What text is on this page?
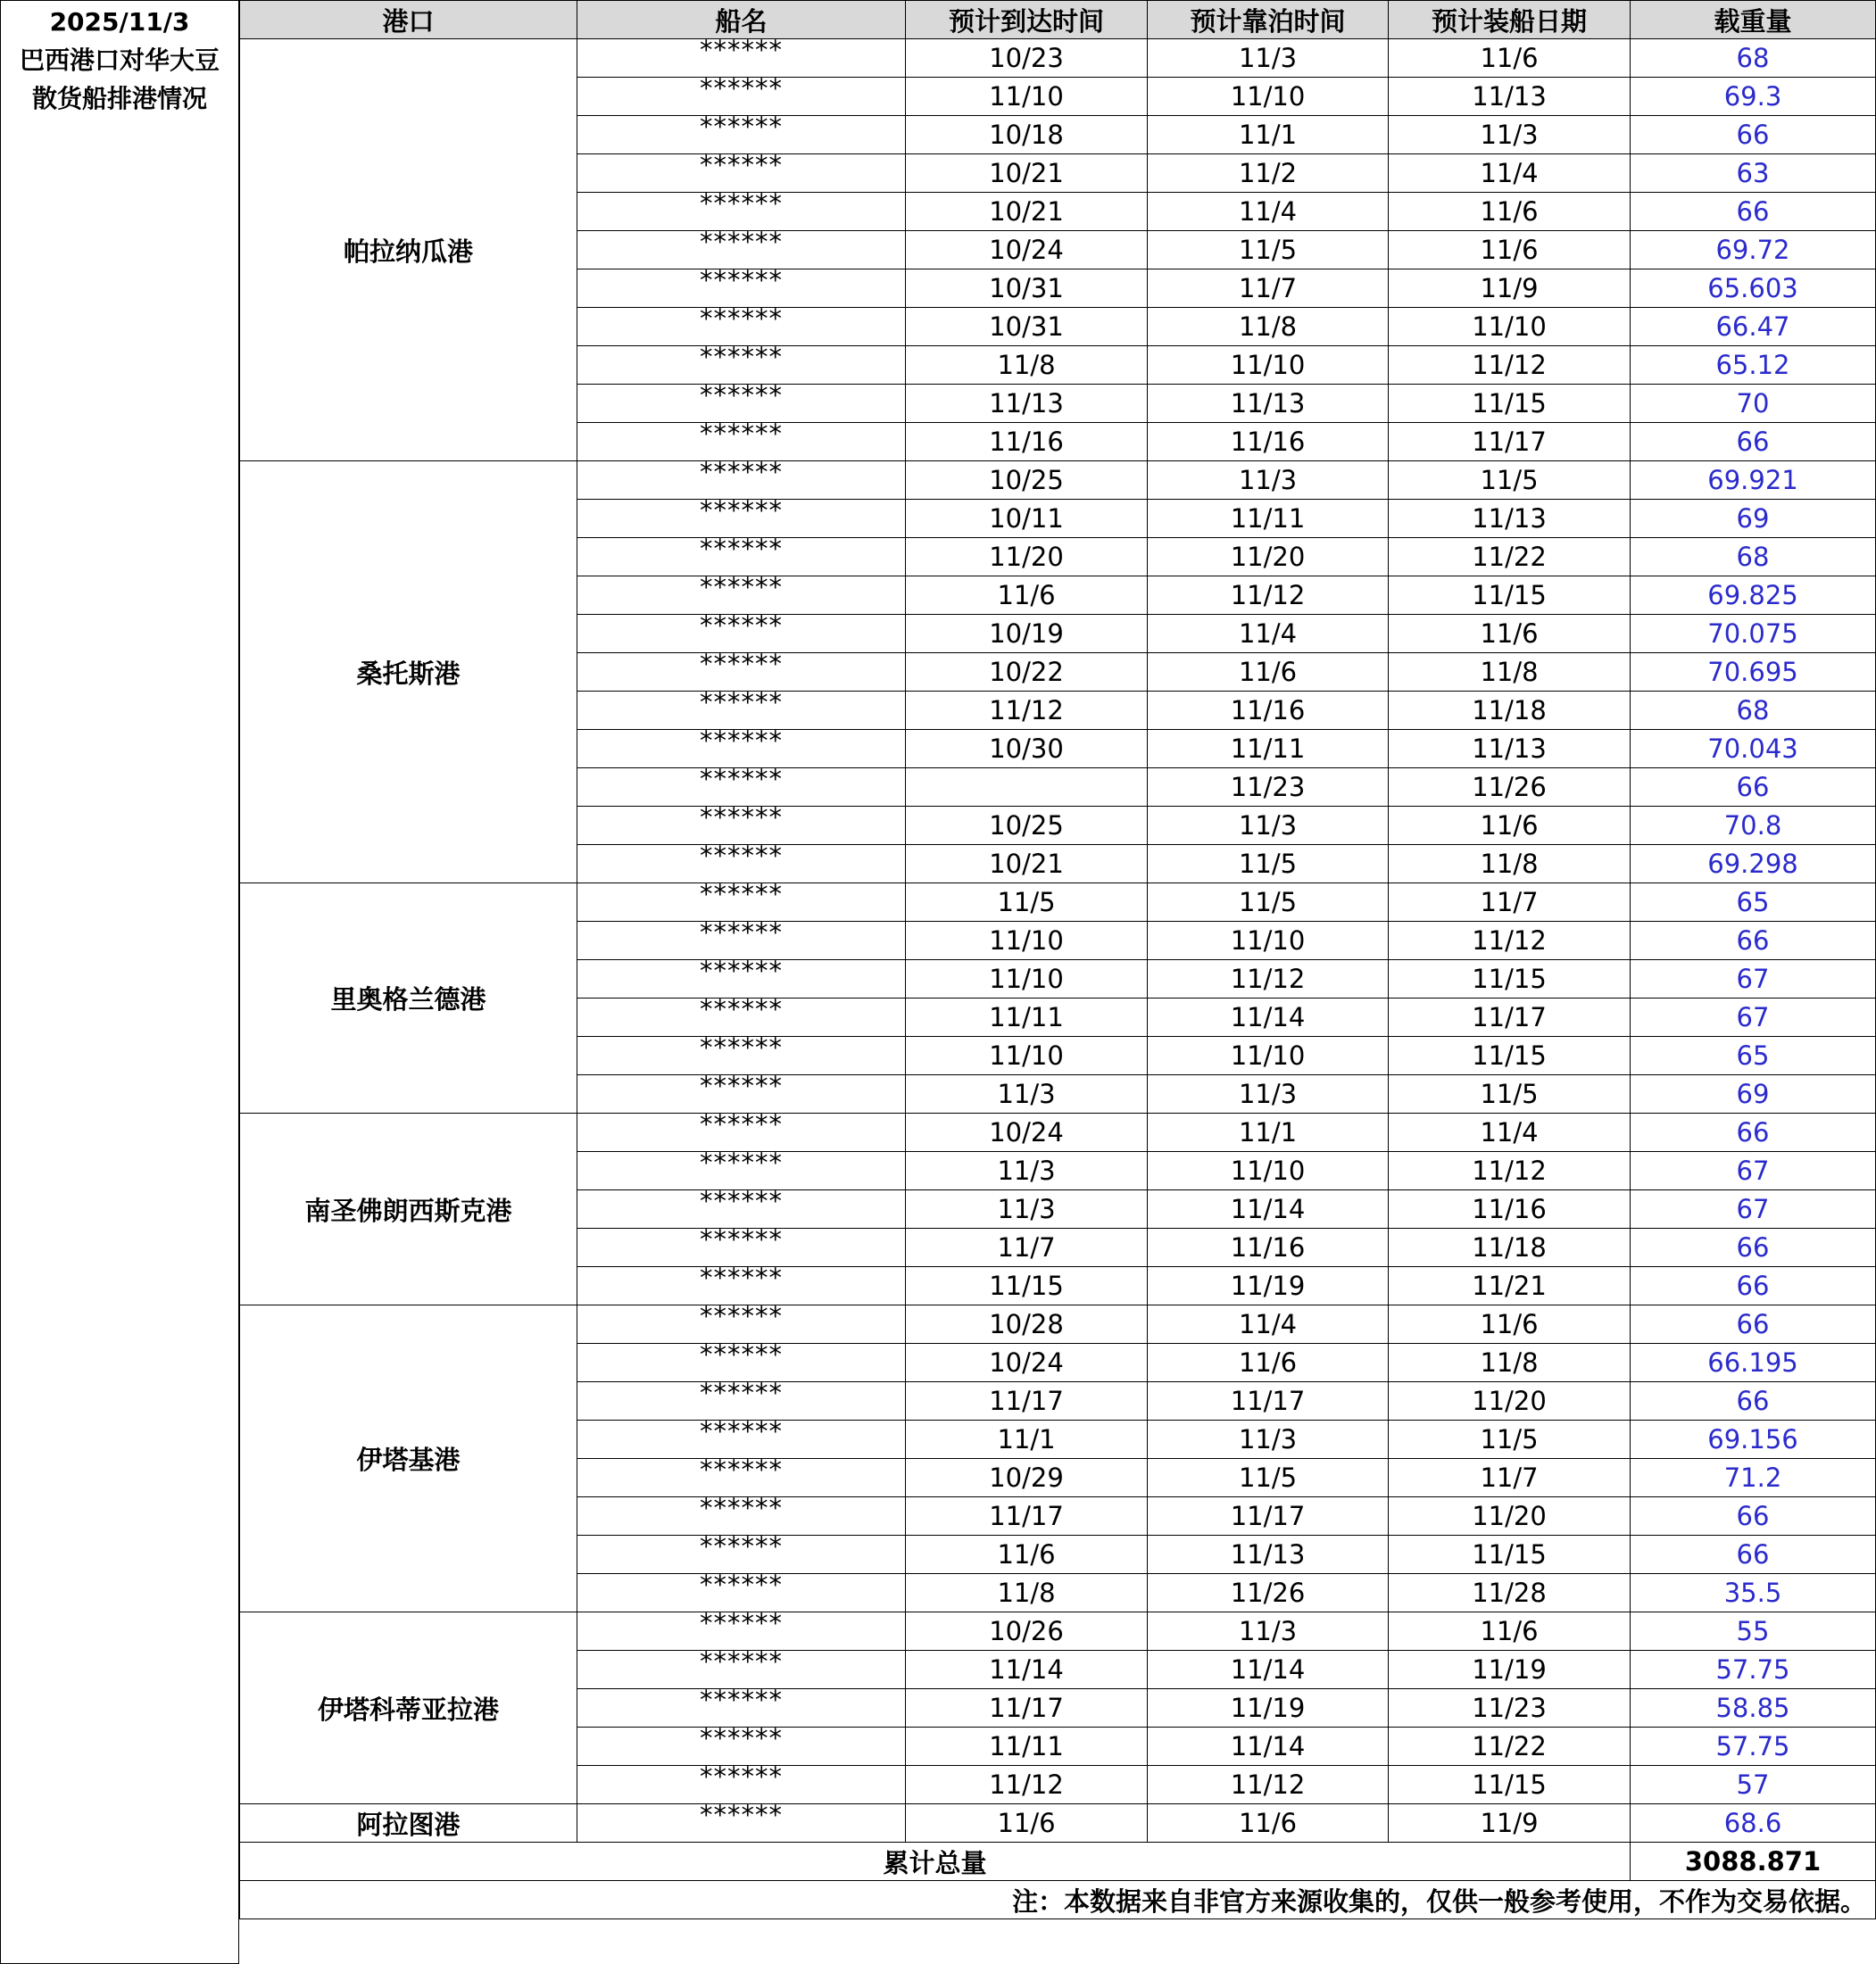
2025/11/3
巴西港口对华大豆
散货船排港情况
港口	船名	预计到达时间	预计靠泊时间	预计装船日期	载重量
帕拉纳瓜港	******	10/23	11/3	11/6	68
	******	11/10	11/10	11/13	69.3
	******	10/18	11/1	11/3	66
	******	10/21	11/2	11/4	63
	******	10/21	11/4	11/6	66
	******	10/24	11/5	11/6	69.72
	******	10/31	11/7	11/9	65.603
	******	10/31	11/8	11/10	66.47
	******	11/8	11/10	11/12	65.12
	******	11/13	11/13	11/15	70
	******	11/16	11/16	11/17	66
桑托斯港	******	10/25	11/3	11/5	69.921
	******	10/11	11/11	11/13	69
	******	11/20	11/20	11/22	68
	******	11/6	11/12	11/15	69.825
	******	10/19	11/4	11/6	70.075
	******	10/22	11/6	11/8	70.695
	******	11/12	11/16	11/18	68
	******	10/30	11/11	11/13	70.043
	******		11/23	11/26	66
	******	10/25	11/3	11/6	70.8
	******	10/21	11/5	11/8	69.298
里奥格兰德港	******	11/5	11/5	11/7	65
	******	11/10	11/10	11/12	66
	******	11/10	11/12	11/15	67
	******	11/11	11/14	11/17	67
	******	11/10	11/10	11/15	65
	******	11/3	11/3	11/5	69
南圣佛朗西斯克港	******	10/24	11/1	11/4	66
	******	11/3	11/10	11/12	67
	******	11/3	11/14	11/16	67
	******	11/7	11/16	11/18	66
	******	11/15	11/19	11/21	66
伊塔基港	******	10/28	11/4	11/6	66
	******	10/24	11/6	11/8	66.195
	******	11/17	11/17	11/20	66
	******	11/1	11/3	11/5	69.156
	******	10/29	11/5	11/7	71.2
	******	11/17	11/17	11/20	66
	******	11/6	11/13	11/15	66
	******	11/8	11/26	11/28	35.5
伊塔科蒂亚拉港	******	10/26	11/3	11/6	55
	******	11/14	11/14	11/19	57.75
	******	11/17	11/19	11/23	58.85
	******	11/11	11/14	11/22	57.75
	******	11/12	11/12	11/15	57
阿拉图港	******	11/6	11/6	11/9	68.6
累计总量					3088.871
注：本数据来自非官方来源收集的，仅供一般参考使用，不作为交易依据。					
